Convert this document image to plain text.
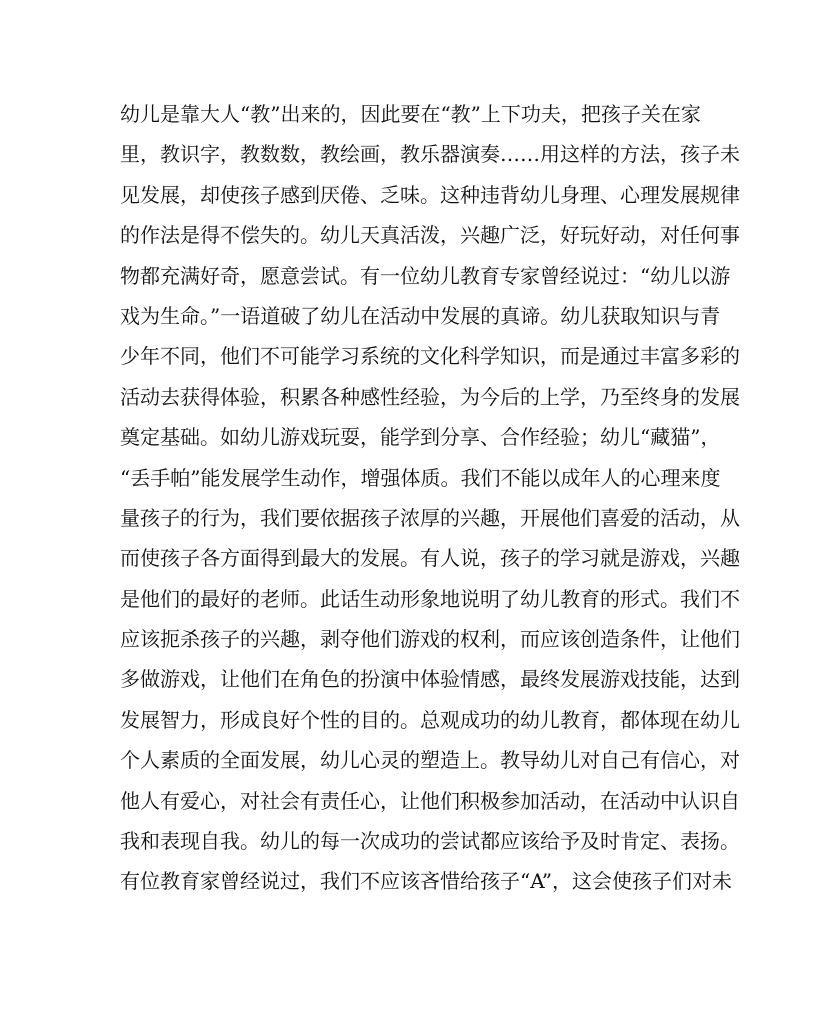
幼儿是靠大人“教”出来的，因此要在“教”上下功夫，把孩子关在家
里，教识字，教数数，教绘画，教乐器演奏……用这样的方法，孩子未
见发展，却使孩子感到厌倦、乏味。这种违背幼儿身理、心理发展规律
的作法是得不偿失的。幼儿天真活泼，兴趣广泛，好玩好动，对任何事
物都充满好奇，愿意尝试。有一位幼儿教育专家曾经说过：“幼儿以游
戏为生命。”一语道破了幼儿在活动中发展的真谛。幼儿获取知识与青
少年不同，他们不可能学习系统的文化科学知识，而是通过丰富多彩的
活动去获得体验，积累各种感性经验，为今后的上学，乃至终身的发展
奠定基础。如幼儿游戏玩耍，能学到分享、合作经验；幼儿“藏猫”，
“丢手帕”能发展学生动作，增强体质。我们不能以成年人的心理来度
量孩子的行为，我们要依据孩子浓厚的兴趣，开展他们喜爱的活动，从
而使孩子各方面得到最大的发展。有人说，孩子的学习就是游戏，兴趣
是他们的最好的老师。此话生动形象地说明了幼儿教育的形式。我们不
应该扼杀孩子的兴趣，剥夺他们游戏的权利，而应该创造条件，让他们
多做游戏，让他们在角色的扮演中体验情感，最终发展游戏技能，达到
发展智力，形成良好个性的目的。总观成功的幼儿教育，都体现在幼儿
个人素质的全面发展，幼儿心灵的塑造上。教导幼儿对自己有信心，对
他人有爱心，对社会有责任心，让他们积极参加活动，在活动中认识自
我和表现自我。幼儿的每一次成功的尝试都应该给予及时肯定、表扬。
有位教育家曾经说过，我们不应该吝惜给孩子“A”，这会使孩子们对未
